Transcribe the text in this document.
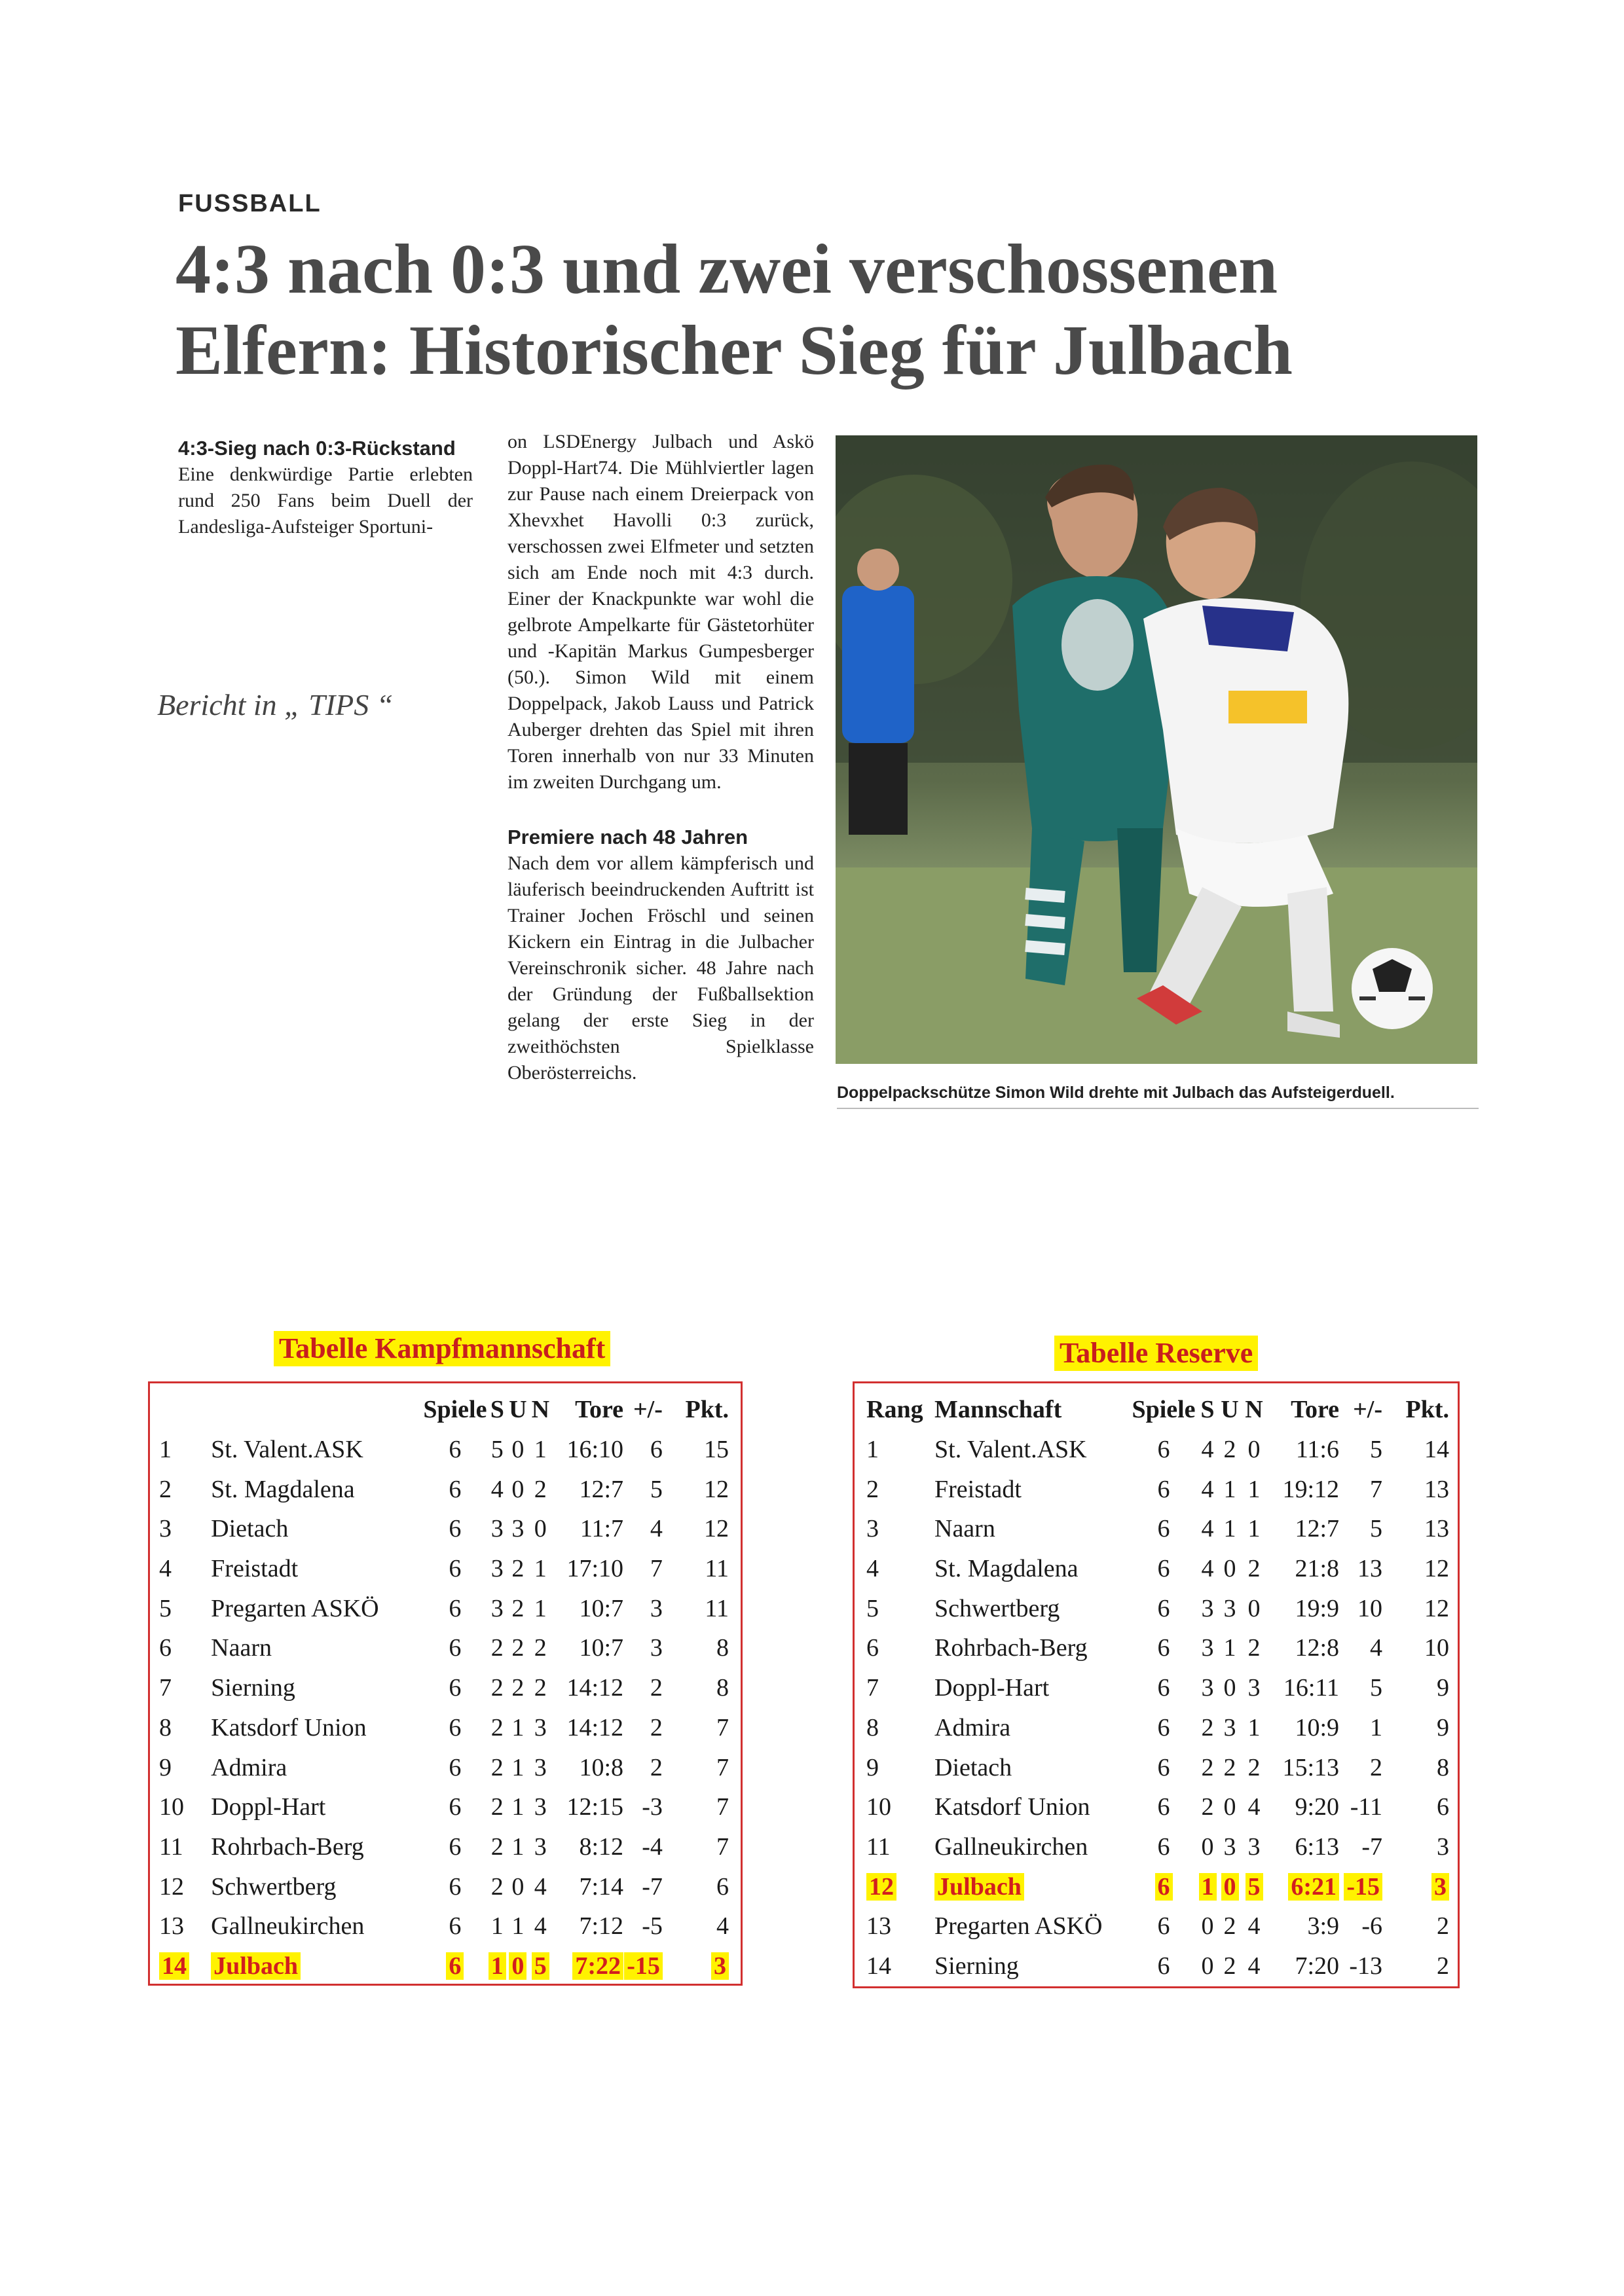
FUSSBALL
4:3 nach 0:3 und zwei verschossenen
Elfern: Historischer Sieg für Julbach

4:3-Sieg nach 0:3-Rückstand

Eine denkwürdige Partie erlebten rund 250 Fans beim Duell der Landesliga-Aufsteiger Sportuni-

Bericht in „ TIPS “

on LSDEnergy Julbach und Askö Doppl-Hart74. Die Mühlviertler lagen zur Pause nach einem Dreierpack von Xhevxhet Havolli 0:3 zurück, verschossen zwei Elfmeter und setzten sich am Ende noch mit 4:3 durch. Einer der Knackpunkte war wohl die gelbrote Ampelkarte für Gästetorhüter und -Kapitän Markus Gumpesberger (50.). Simon Wild mit einem Doppelpack, Jakob Lauss und Patrick Auberger drehten das Spiel mit ihren Toren innerhalb von nur 33 Minuten im zweiten Durchgang um.

Premiere nach 48 Jahren

Nach dem vor allem kämpferisch und läuferisch beeindruckenden Auftritt ist Trainer Jochen Fröschl und seinen Kickern ein Eintrag in die Julbacher Vereinschronik sicher. 48 Jahre nach der Gründung der Fußballsektion gelang der erste Sieg in der zweithöchsten Spielklasse Oberösterreichs.

Doppelpackschütze Simon Wild drehte mit Julbach das Aufsteigerduell.
Tabelle Kampfmannschaft
		Spiele	S	U	N	Tore	+/-	Pkt.
1	St. Valent.ASK	6	5	0	1	16:10	6	15
2	St. Magdalena	6	4	0	2	12:7	5	12
3	Dietach	6	3	3	0	11:7	4	12
4	Freistadt	6	3	2	1	17:10	7	11
5	Pregarten ASKÖ	6	3	2	1	10:7	3	11
6	Naarn	6	2	2	2	10:7	3	8
7	Sierning	6	2	2	2	14:12	2	8
8	Katsdorf Union	6	2	1	3	14:12	2	7
9	Admira	6	2	1	3	10:8	2	7
10	Doppl-Hart	6	2	1	3	12:15	-3	7
11	Rohrbach-Berg	6	2	1	3	8:12	-4	7
12	Schwertberg	6	2	0	4	7:14	-7	6
13	Gallneukirchen	6	1	1	4	7:12	-5	4
14	Julbach	6	1	0	5	7:22	-15	3
Tabelle Reserve
Rang	Mannschaft	Spiele	S	U	N	Tore	+/-	Pkt.
1	St. Valent.ASK	6	4	2	0	11:6	5	14
2	Freistadt	6	4	1	1	19:12	7	13
3	Naarn	6	4	1	1	12:7	5	13
4	St. Magdalena	6	4	0	2	21:8	13	12
5	Schwertberg	6	3	3	0	19:9	10	12
6	Rohrbach-Berg	6	3	1	2	12:8	4	10
7	Doppl-Hart	6	3	0	3	16:11	5	9
8	Admira	6	2	3	1	10:9	1	9
9	Dietach	6	2	2	2	15:13	2	8
10	Katsdorf Union	6	2	0	4	9:20	-11	6
11	Gallneukirchen	6	0	3	3	6:13	-7	3
12	Julbach	6	1	0	5	6:21	-15	3
13	Pregarten ASKÖ	6	0	2	4	3:9	-6	2
14	Sierning	6	0	2	4	7:20	-13	2
